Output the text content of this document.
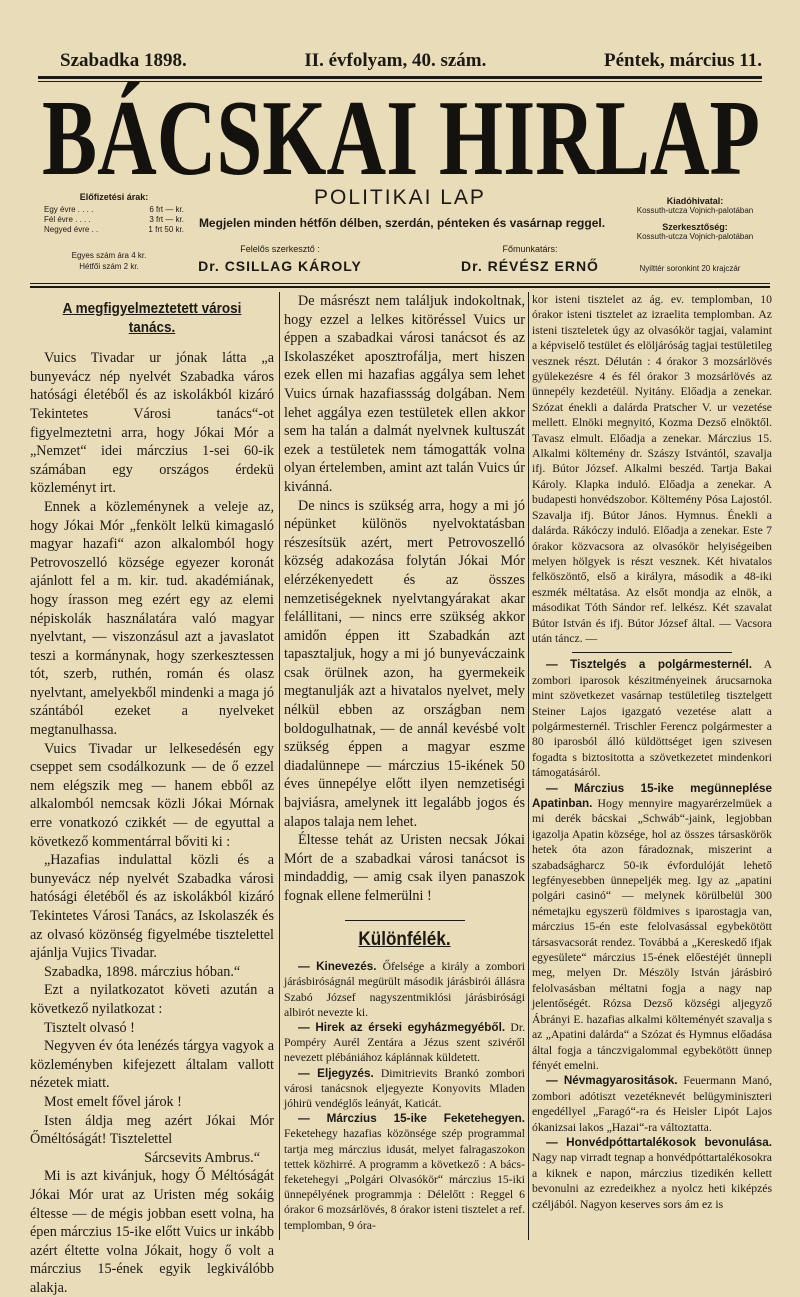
Szabadka 1898.	II. évfolyam, 40. szám.	Péntek, március 11.
BÁCSKAI HIRLAP
POLITIKAI LAP
Előfizetési árak:
Egy évre . . . .	6 frt — kr.
Fél évre . . . .	3 frt — kr.
Negyed évre . .	1 frt 50 kr.	Megjelen minden hétfőn délben, szerdán, pénteken és vasárnap reggel.
Kiadóhivatal:
Kossuth-utcza Vojnich-palotában
Szerkesztőség:
Kossuth-utcza Vojnich-palotában
Egyes szám ára 4 kr.
Hétfői szám 2 kr.
Felelős szerkesztő :
Dr. CSILLAG KÁROLY
Főmunkatárs:
Dr. RÉVÉSZ ERNŐ	Nyilttér soronkint 20 krajczár
A megfigyelmeztetett városi tanács.

Vuics Tivadar ur jónak látta „a bunyevácz nép nyelvét Szabadka város hatósági életéből és az iskolákból kizáró Tekintetes Városi tanács“-ot figyelmeztetni arra, hogy Jókai Mór a „Nemzet“ idei márczius 1-sei 60-ik számában egy országos érdekü közleményt irt.

Ennek a közleménynek a veleje az, hogy Jókai Mór „fenkölt lelkü kimagasló magyar hazafi“ azon alkalomból hogy Petrovoszelló községe egyezer koronát ajánlott fel a m. kir. tud. akadémiának, hogy írasson meg ezért egy az elemi népiskolák használatára való magyar nyelvtant, — viszonzásul azt a javaslatot teszi a kormánynak, hogy szerkesztessen tót, szerb, ruthén, román és olasz nyelvtant, amelyekből mindenki a maga jó szántából ezeket a nyelveket megtanulhassa.

Vuics Tivadar ur lelkesedésén egy cseppet sem csodálkozunk — de ő ezzel nem elégszik meg — hanem ebből az alkalomból nemcsak közli Jókai Mórnak erre vonatkozó czikkét — de egyuttal a következő kommentárral bőviti ki :

„Hazafias indulattal közli és a bunyevácz nép nyelvét Szabadka városi hatósági életéből és az iskolákból kizáró Tekintetes Városi Tanács, az Iskolaszék és az olvasó közönség figyelmébe tisztelettel ajánlja Vujics Tivadar.

Szabadka, 1898. márczius hóban.“

Ezt a nyilatkozatot követi azután a következő nyilatkozat :

Tisztelt olvasó !

Negyven év óta lenézés tárgya vagyok a közleményben kifejezett általam vallott nézetek miatt.

Most emelt fővel járok !

Isten áldja meg azért Jókai Mór Őméltóságát! Tisztelettel

Sárcsevits Ambrus.“

Mi is azt kivánjuk, hogy Ő Méltóságát Jókai Mór urat az Uristen még sokáig éltesse — de mégis jobban esett volna, ha épen márczius 15-ike előtt Vuics ur inkább azért éltette volna Jókait, hogy ő volt a márczius 15-ének egyik legkiválóbb alakja.

De másrészt nem találjuk indokoltnak, hogy ezzel a lelkes kitöréssel Vuics ur éppen a szabadkai városi tanácsot és az Iskolaszéket aposztrofálja, mert hiszen ezek ellen mi hazafias aggálya sem lehet Vuics úrnak hazafiassság dolgában. Nem lehet aggálya ezen testületek ellen akkor sem ha talán a dalmát nyelvnek kultuszát ezek a testületek nem támogatták volna olyan értelemben, amint azt talán Vuics úr kivánná.

De nincs is szükség arra, hogy a mi jó népünket különös nyelvoktatásban részesítsük azért, mert Petrovoszelló község adakozása folytán Jókai Mór elérzékenyedett és az összes nemzetiségeknek nyelvtangyárakat akar felállitani, — nincs erre szükség akkor amidőn éppen itt Szabadkán azt tapasztaljuk, hogy a mi jó bunyeváczaink csak örülnek azon, ha gyermekeik megtanulják azt a hivatalos nyelvet, mely nélkül ebben az országban nem boldogulhatnak, — de annál kevésbé volt szükség éppen a magyar eszme diadalünnepe — márczius 15-ikének 50 éves ünnepélye előtt ilyen nemzetiségi bajviásra, amelynek itt legalább jogos és alapos talaja nem lehet.

Éltesse tehát az Uristen necsak Jókai Mórt de a szabadkai városi tanácsot is mindaddig, — amig csak ilyen panaszok fognak ellene felmerülni !

Különfélék.

— Kinevezés. Őfelsége a király a zombori járásbiróságnál megürült második járásbirói állásra Szabó József nagyszentmiklósi járásbirósági albirót nevezte ki.

— Hirek az érseki egyházmegyéből. Dr. Pompéry Aurél Zentára a Jézus szent szivéről nevezett plébániához káplánnak küldetett.

— Eljegyzés. Dimitrievits Brankó zombori városi tanácsnok eljegyezte Konyovits Mladen jóhirü vendéglős leányát, Katicát.

— Márczius 15-ike Feketehegyen. Feketehegy hazafias közönsége szép programmal tartja meg márczius idusát, melyet falragaszokon tettek közhirré. A programm a következő : A bács-feketehegyi „Polgári Olvasókör“ márczius 15-iki ünnepélyének programmja : Délelőtt : Reggel 6 órakor 6 mozsárlövés, 8 órakor isteni tisztelet a ref. templomban, 9 óra-

kor isteni tisztelet az ág. ev. templomban, 10 órakor isteni tisztelet az izraelita templomban. Az isteni tiszteletek úgy az olvasókör tagjai, valamint a képviselő testület és elöljáróság tagjai testületileg vesznek részt. Délután : 4 órakor 3 mozsárlövés gyülekezésre 4 és fél órakor 3 mozsárlövés az ünnepély kezdetéül. Nyitány. Előadja a zenekar. Szózat énekli a dalárda Pratscher V. ur vezetése mellett. Elnöki megnyitó, Kozma Dezső elnöktől. Tavasz elmult. Előadja a zenekar. Márczius 15. Alkalmi költemény dr. Szászy Istvántól, szavalja ifj. Bútor József. Alkalmi beszéd. Tartja Bakai Károly. Klapka induló. Előadja a zenekar. A budapesti honvédszobor. Költemény Pósa Lajostól. Szavalja ifj. Bútor János. Hymnus. Énekli a dalárda. Rákóczy induló. Előadja a zenekar. Este 7 órakor közvacsora az olvasókör helyiségeiben melyen hölgyek is részt vesznek. Két hivatalos felköszöntő, első a királyra, második a 48-iki eszmék méltatása. Az elsőt mondja az elnök, a másodikat Tóth Sándor ref. lelkész. Két szavalat Bútor István és ifj. Bútor József által. — Vacsora után táncz. —

— Tisztelgés a polgármesternél. A zombori iparosok készitményeinek árucsarnoka mint szövetkezet vasárnap testületileg tisztelgett Steiner Lajos igazgató vezetése alatt a polgármesternél. Trischler Ferencz polgármester a 80 iparosból álló küldöttséget igen szivesen fogadta s biztositotta a szövetkezetet mindenkori támogatásáról.

— Márczius 15-ike megünneplése Apatinban. Hogy mennyire magyarérzelmüek a mi derék bácskai „Schwáb“-jaink, legjobban igazolja Apatin községe, hol az összes társaskörök hetek óta azon fáradoznak, miszerint a szabadságharcz 50-ik évfordulóját lehető legfényesebben ünnepeljék meg. Igy az „apatini polgári casinó“ — melynek körülbelül 300 németajku egyszerü földmives s iparostagja van, márczius 15-én este felolvasással egybekötött társasvacsorát rendez. Továbbá a „Kereskedő ifjak egyesülete“ márczius 15-ének előestéjét ünnepli meg, melyen Dr. Mészöly István járásbiró felolvasásban méltatni fogja a nagy nap jelentőségét. Rózsa Dezső községi aljegyző Ábrányi E. hazafias alkalmi költeményét szavalja s az „Apatini dalárda“ a Szózat és Hymnus előadása által fogja a tánczvigalommal egybekötött ünnep fényét emelni.

— Névmagyarositások. Feuermann Manó, zombori adótiszt vezetéknevét belügyminiszteri engedéllyel „Faragó“-ra és Heisler Lipót Lajos ókanizsai lakos „Hazai“-ra változtatta.

— Honvédpóttartalékosok bevonulása. Nagy nap virradt tegnap a honvédpóttartalékosokra a kiknek e napon, márczius tizedikén kellett bevonulni az ezredeikhez a nyolcz heti kiképzés czéljából. Nagyon keserves sors ám ez is
